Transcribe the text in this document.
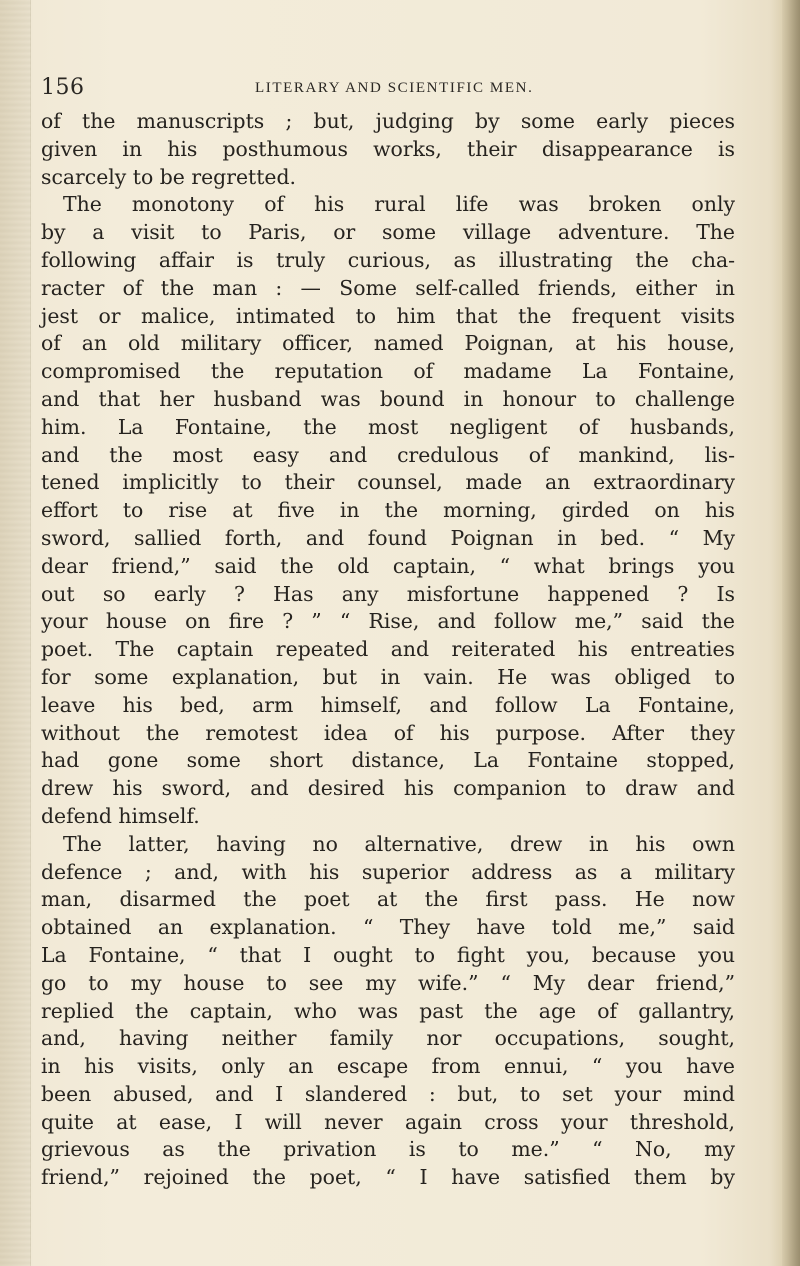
156	LITERARY AND SCIENTIFIC MEN.
of the manuscripts ; but, judging by some early pieces
given in his posthumous works, their disappearance is
scarcely to be regretted.
The monotony of his rural life was broken only
by a visit to Paris, or some village adventure. The
following affair is truly curious, as illustrating the cha-
racter of the man : — Some self-called friends, either in
jest or malice, intimated to him that the frequent visits
of an old military officer, named Poignan, at his house,
compromised the reputation of madame La Fontaine,
and that her husband was bound in honour to challenge
him. La Fontaine, the most negligent of husbands,
and the most easy and credulous of mankind, lis-
tened implicitly to their counsel, made an extraordinary
effort to rise at five in the morning, girded on his
sword, sallied forth, and found Poignan in bed. “ My
dear friend,” said the old captain, “ what brings you
out so early ? Has any misfortune happened ? Is
your house on fire ? ” “ Rise, and follow me,” said the
poet. The captain repeated and reiterated his entreaties
for some explanation, but in vain. He was obliged to
leave his bed, arm himself, and follow La Fontaine,
without the remotest idea of his purpose. After they
had gone some short distance, La Fontaine stopped,
drew his sword, and desired his companion to draw and
defend himself.
The latter, having no alternative, drew in his own
defence ; and, with his superior address as a military
man, disarmed the poet at the first pass. He now
obtained an explanation. “ They have told me,” said
La Fontaine, “ that I ought to fight you, because you
go to my house to see my wife.” “ My dear friend,”
replied the captain, who was past the age of gallantry,
and, having neither family nor occupations, sought,
in his visits, only an escape from ennui, “ you have
been abused, and I slandered : but, to set your mind
quite at ease, I will never again cross your threshold,
grievous as the privation is to me.” “ No, my
friend,” rejoined the poet, “ I have satisfied them by
